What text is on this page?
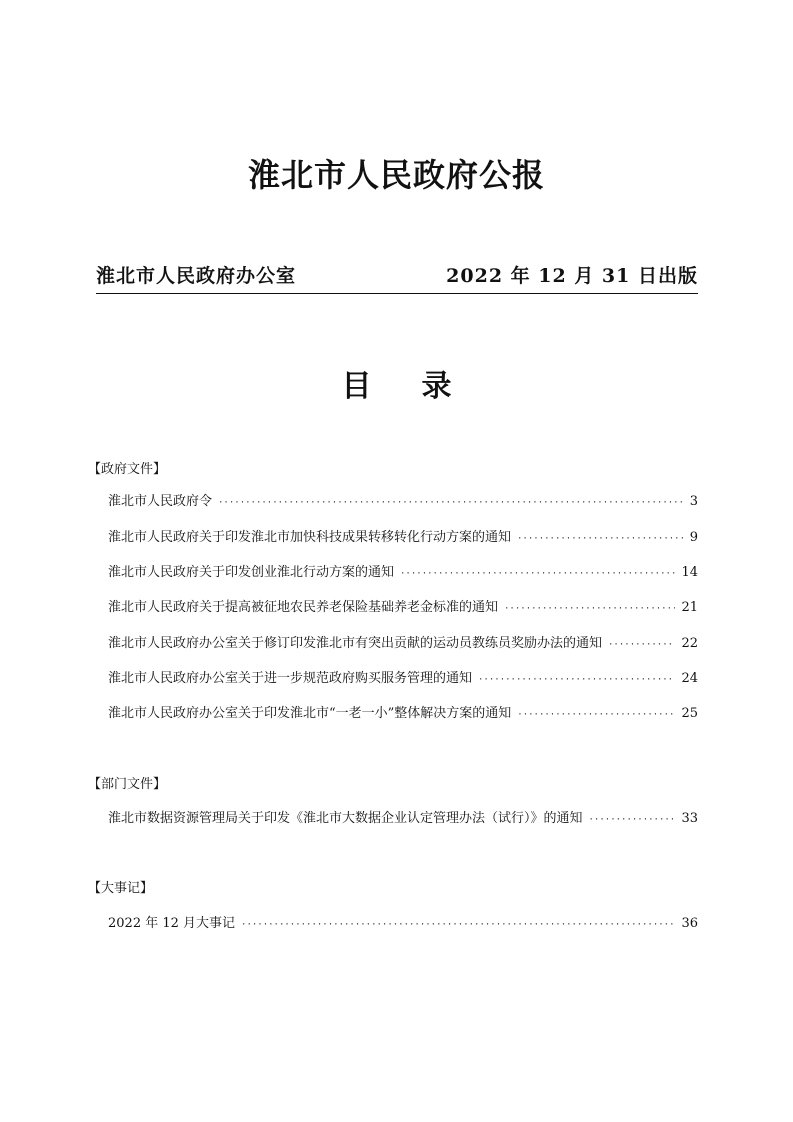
淮北市人民政府公报
淮北市人民政府办公室	2022 年 12 月 31 日出版
目录
【政府文件】
淮北市人民政府令 ·····	3
淮北市人民政府关于印发淮北市加快科技成果转移转化行动方案的通知 ·····	9
淮北市人民政府关于印发创业淮北行动方案的通知 ·····	14
淮北市人民政府关于提高被征地农民养老保险基础养老金标准的通知 ·····	21
淮北市人民政府办公室关于修订印发淮北市有突出贡献的运动员教练员奖励办法的通知 ·····	22
淮北市人民政府办公室关于进一步规范政府购买服务管理的通知 ·····	24
淮北市人民政府办公室关于印发淮北市“一老一小”整体解决方案的通知 ·····	25
【部门文件】
淮北市数据资源管理局关于印发《淮北市大数据企业认定管理办法（试行）》的通知 ·····	33
【大事记】
2022 年 12 月大事记 ·····	36
